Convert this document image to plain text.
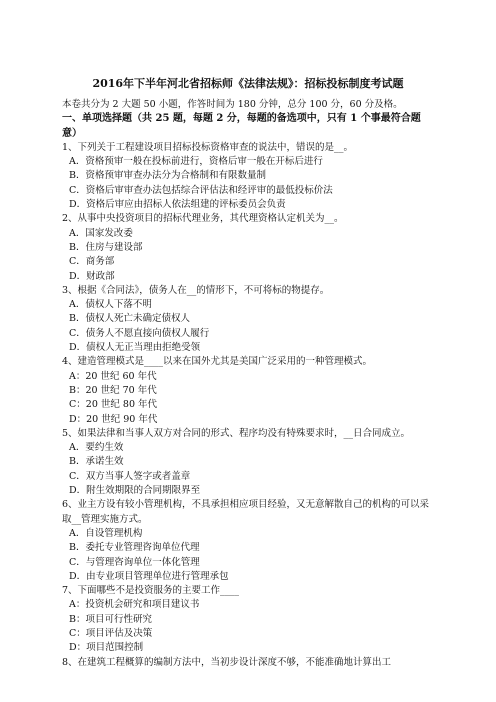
2016年下半年河北省招标师《法律法规》：招标投标制度考试题
本卷共分为 2 大题 50 小题，作答时间为 180 分钟，总分 100 分，60 分及格。
一、单项选择题（共 25 题，每题 2 分，每题的备选项中，只有 1 个事最符合题意）
1、下列关于工程建设项目招标投标资格审查的说法中，错误的是__。
A．资格预审一般在投标前进行，资格后审一般在开标后进行
B．资格预审审查办法分为合格制和有限数量制
C．资格后审审查办法包括综合评估法和经评审的最低投标价法
D．资格后审应由招标人依法组建的评标委员会负责
2、从事中央投资项目的招标代理业务，其代理资格认定机关为__。
A．国家发改委
B．住房与建设部
C．商务部
D．财政部
3、根据《合同法》，债务人在__的情形下，不可将标的物提存。
A．债权人下落不明
B．债权人死亡未确定债权人
C．债务人不愿直接向债权人履行
D．债权人无正当理由拒绝受领
4、建造管理模式是____以来在国外尤其是美国广泛采用的一种管理模式。
A：20 世纪 60 年代
B：20 世纪 70 年代
C：20 世纪 80 年代
D：20 世纪 90 年代
5、如果法律和当事人双方对合同的形式、程序均没有特殊要求时，__日合同成立。
A．要约生效
B．承诺生效
C．双方当事人签字或者盖章
D．附生效期限的合同期限界至
6、业主方设有较小管理机构，不具承担相应项目经验，又无意解散自己的机构的可以采取__管理实施方式。
A．自设管理机构
B．委托专业管理咨询单位代理
C．与管理咨询单位一体化管理
D．由专业项目管理单位进行管理承包
7、下面哪些不是投资服务的主要工作____
A：投资机会研究和项目建议书
B：项目可行性研究
C：项目评估及决策
D：项目范围控制
8、在建筑工程概算的编制方法中，当初步设计深度不够，不能准确地计算出工
